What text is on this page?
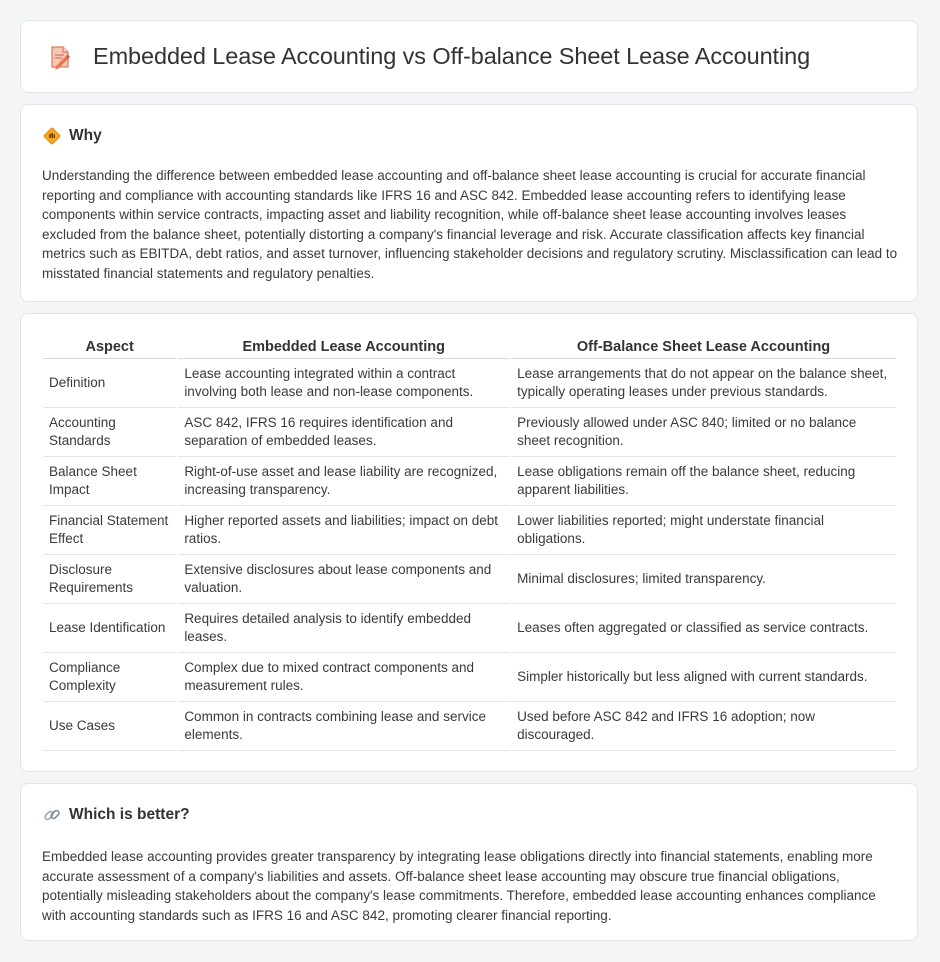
Embedded Lease Accounting vs Off-balance Sheet Lease Accounting
Why

Understanding the difference between embedded lease accounting and off-balance sheet lease accounting is crucial for accurate financial reporting and compliance with accounting standards like IFRS 16 and ASC 842. Embedded lease accounting refers to identifying lease components within service contracts, impacting asset and liability recognition, while off-balance sheet lease accounting involves leases excluded from the balance sheet, potentially distorting a company's financial leverage and risk. Accurate classification affects key financial metrics such as EBITDA, debt ratios, and asset turnover, influencing stakeholder decisions and regulatory scrutiny. Misclassification can lead to misstated financial statements and regulatory penalties.

Aspect	Embedded Lease Accounting	Off-Balance Sheet Lease Accounting
Definition	Lease accounting integrated within a contract involving both lease and non-lease components.	Lease arrangements that do not appear on the balance sheet, typically operating leases under previous standards.
Accounting Standards	ASC 842, IFRS 16 requires identification and separation of embedded leases.	Previously allowed under ASC 840; limited or no balance sheet recognition.
Balance Sheet Impact	Right-of-use asset and lease liability are recognized, increasing transparency.	Lease obligations remain off the balance sheet, reducing apparent liabilities.
Financial Statement Effect	Higher reported assets and liabilities; impact on debt ratios.	Lower liabilities reported; might understate financial obligations.
Disclosure Requirements	Extensive disclosures about lease components and valuation.	Minimal disclosures; limited transparency.
Lease Identification	Requires detailed analysis to identify embedded leases.	Leases often aggregated or classified as service contracts.
Compliance Complexity	Complex due to mixed contract components and measurement rules.	Simpler historically but less aligned with current standards.
Use Cases	Common in contracts combining lease and service elements.	Used before ASC 842 and IFRS 16 adoption; now discouraged.
Which is better?

Embedded lease accounting provides greater transparency by integrating lease obligations directly into financial statements, enabling more accurate assessment of a company's liabilities and assets. Off-balance sheet lease accounting may obscure true financial obligations, potentially misleading stakeholders about the company's lease commitments. Therefore, embedded lease accounting enhances compliance with accounting standards such as IFRS 16 and ASC 842, promoting clearer financial reporting.
